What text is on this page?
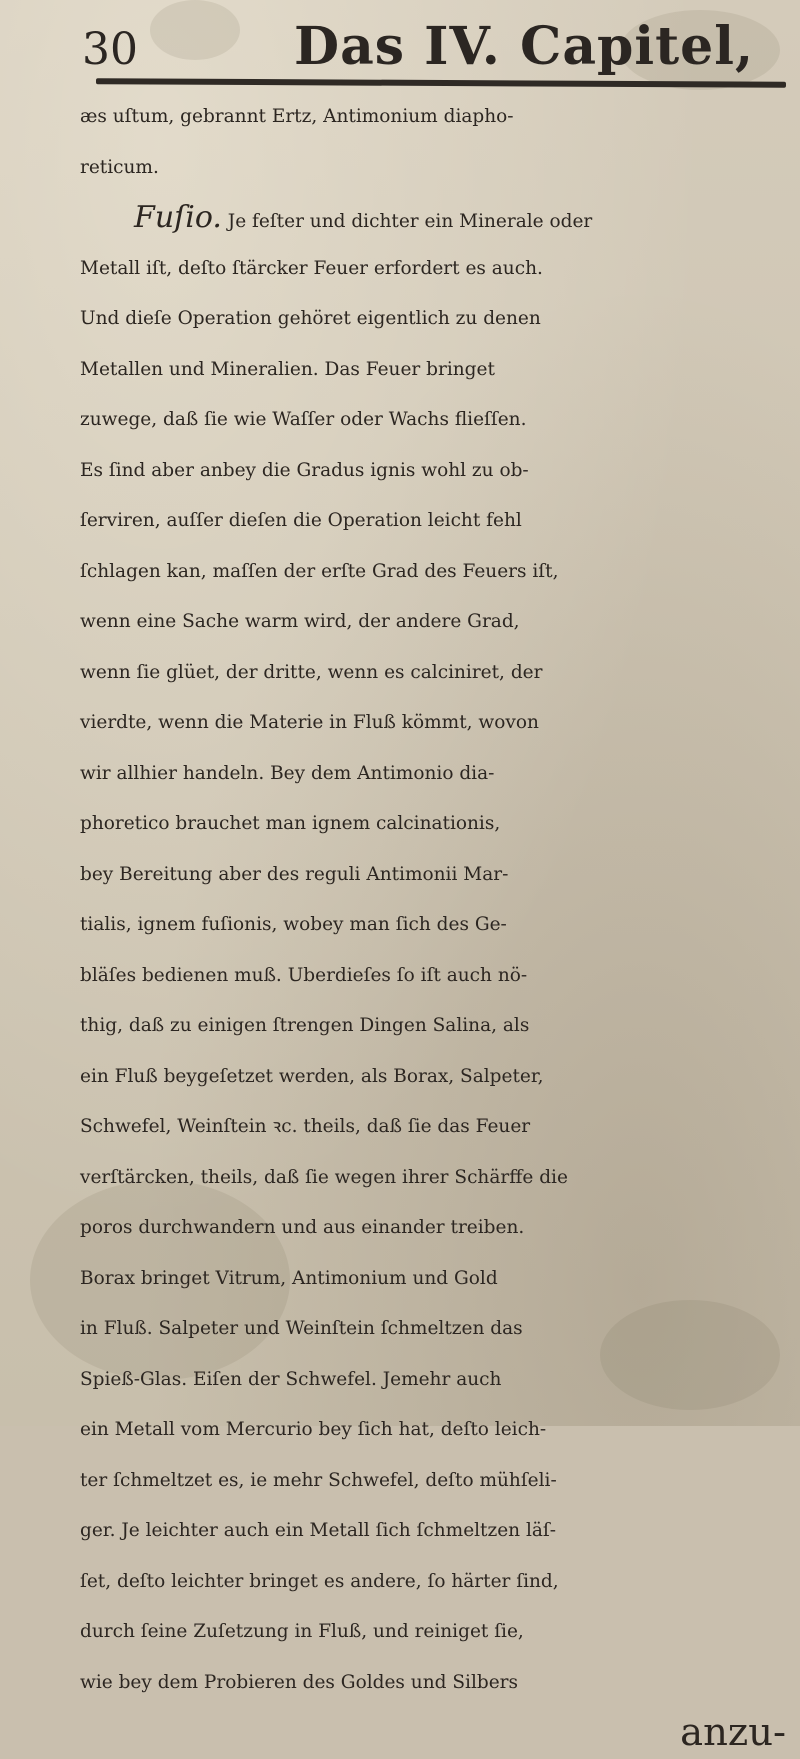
30	Das IV. Capitel,
æs uſtum, gebrannt Ertz, Antimonium diapho-
reticum.
Fuſio. Je feſter und dichter ein Minerale oder
Metall iſt, deſto ſtärcker Feuer erfordert es auch.
Und dieſe Operation gehöret eigentlich zu denen
Metallen und Mineralien. Das Feuer bringet
zuwege, daß ſie wie Waſſer oder Wachs flieſſen.
Es ſind aber anbey die Gradus ignis wohl zu ob-
ſerviren, auſſer dieſen die Operation leicht fehl
ſchlagen kan, maſſen der erſte Grad des Feuers iſt,
wenn eine Sache warm wird, der andere Grad,
wenn ſie glüet, der dritte, wenn es calciniret, der
vierdte, wenn die Materie in Fluß kömmt, wovon
wir allhier handeln. Bey dem Antimonio dia-
phoretico brauchet man ignem calcinationis,
bey Bereitung aber des reguli Antimonii Mar-
tialis, ignem fuſionis, wobey man ſich des Ge-
bläſes bedienen muß. Uberdieſes ſo iſt auch nö-
thig, daß zu einigen ſtrengen Dingen Salina, als
ein Fluß beygeſetzet werden, als Borax, Salpeter,
Schwefel, Weinſtein ꝛc. theils, daß ſie das Feuer
verſtärcken, theils, daß ſie wegen ihrer Schärffe die
poros durchwandern und aus einander treiben.
Borax bringet Vitrum, Antimonium und Gold
in Fluß. Salpeter und Weinſtein ſchmeltzen das
Spieß-Glas. Eiſen der Schwefel. Jemehr auch
ein Metall vom Mercurio bey ſich hat, deſto leich-
ter ſchmeltzet es, ie mehr Schwefel, deſto mühſeli-
ger. Je leichter auch ein Metall ſich ſchmeltzen läſ-
ſet, deſto leichter bringet es andere, ſo härter ſind,
durch ſeine Zuſetzung in Fluß, und reiniget ſie,
wie bey dem Probieren des Goldes und Silbers
anzu-
